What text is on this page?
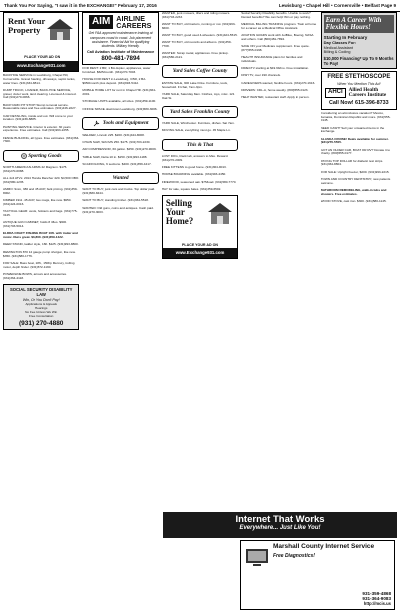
Thank You For Saying, "I saw it in the EXCHANGE!" February 17, 2016	Lewisburg • Chapel Hill • Cornersville • Belfast Page 9
Rent Your Property
PLACE YOUR AD ON
www.Exchange931.com

BACKHOE SERVICE in Lewisburg, Chapel Hill, Cornersville. Gravel hauling, driveways, septic tanks, water lines. (931)334-8814.

DUMP TRUCK, LOADER, BACK-HOE SERVICE, gravel, dozer work, land clearing. Licensed & insured. Call (931)270-0066.

BACKYARD PIT STOP! Stump removal service. Reasonable rates and free estimates. (931)446-2227.

CAR DETAILING, inside and out. Will come to your location. (931)239-8885.

PAINTING SERVICE. Interior & exterior. 30 years experience. Free estimates. Call (931)993-2255.

FENCE BUILDING, all types. Free estimates. (931)364-7300.

Sporting Goods

NORTH AMERICAN ARMS 22 Magnum. $175. (931)270-0088.

ALL 4x4 ATVs: 2014 Honda Rancher 420. $4,500 OBO. (931)580-1235.

AMMO: 9mm, 380 and 45 ACP, bulk pricing. (931)359-8002.

KIMBER 1911 .45 ACP, two mags, like new. $950. (931)424-0016.

TACTICAL GEAR: vests, holsters and bags. (931)775-3125.

ANTIQUE GUN CABINET, holds 8 rifles. $300. (931)703-5014.

ELDRA CRAFT FISHING BOAT 16ft. with trailer and motor. Runs great. $3,800. (931)359-1422.

DEER STAND, ladder style, 16ft. $125. (931)993-8800.

REMINGTON 870 12 gauge pump shotgun, like new. $350. (931)580-1776.

FOR SALE: Bass boat, 18ft., 150hp Mercury, trolling motor, depth finder. (931)572-1190.

POWERLINE BOWS, arrows and accessories. (931)364-4118.

SOCIAL SECURITY DISABILITY LAW
Win, Or You Don't Pay!
Applications & Appeals
Hearings
No Fee Unless We Win
Free Consultation
(931) 270-4880
AIM AIRLINE CAREERS
Get FAA approved maintenance training at campuses coast to coast. Job placement assistance. Financial Aid for qualifying students. Military friendly.
Call Aviation Institute of Maintenance
800-481-7894

FOR RENT: 2 BR, 1 BA duplex, appliances, water furnished. $625/month. (931)270-7003.

HOUSE FOR RENT in Lewisburg, 3 BR, 2 BA. $950/month plus deposit. (931)993-5412.

MOBILE HOME LOT for rent in Chapel Hill. (931)364-2001.

STORAGE UNITS available, all sizes. (931)359-1100.

OFFICE SPACE downtown Lewisburg. (931)580-3006.

Tools and Equipment

WELDER, Lincoln 225. $200. (931)424-8008.

CHAIN SAW, Stihl MS 250. $175. (931)703-2230.

AIR COMPRESSOR, 60 gallon. $250. (931)270-9009.

TABLE SAW, Delta 10 in. $150. (931)993-1188.

SCAFFOLDING, 6 sections. $400. (931)359-4417.

Wanted

WANT TO BUY, junk cars and trucks. Top dollar paid. (931)580-8444.

WANT TO BUY, standing timber. (931)364-5518.

WANTED: Old guns, coins and antiques. Cash paid. (931)270-3003.

WANTED, junk mowers, tillers and riding mowers. (931)703-2233.

WANT TO BUY, old tractors, running or not. (931)993-6600.

WANT TO BUY, good used 4-wheelers. (931)424-5515.

WANT TO BUY, old records and albums. (931)359-7708.

WANTED: Scrap metal, appliances. Free pickup. (931)580-2121.

Yard Sales Coffee County

ESTATE SALE, 300 Lake Drive. Furniture, tools, household. Fri-Sat, 7am-3pm.

YARD SALE, Saturday 8am. Clothes, toys, misc. 121 Oak St.

Yard Sales Franklin County

YARD SALE, Winchester. Furniture, dishes. Sat 7am.

MOVING SALE, everything must go. 45 Maple Ln.

This & That

LOST DOG, black lab, answers to Max. Reward. (931)270-2009.

FREE KITTENS to good home. (931)364-9013.

HORSE BOARDING available. (931)993-4450.

FIREWOOD, seasoned oak. $75/load. (931)580-7770.

HAY for sale, square bales. (931)359-6502.

Selling
Your
Home?
PLACE YOUR AD ON
www.Exchange931.com

Social Security Disability benefits. Unable to work? Denied benefits? We can help! Win or pay nothing.

MEDICAL BILLING TRAINING program. Train at home for a career as a Medical Office Assistant.

AVIATION GRADS work with JetBlue, Boeing, NASA and others. Call (800)481-7894.

SAVE ON your Medicare supplement. Free quote. (877)555-0198.

HEALTH INSURANCE plans for families and individuals.

DIRECTV starting at $19.99/mo. Free installation.

DISH TV, over 190 channels.

CAREGIVERS wanted, flexible hours. (931)270-1616.

DRIVERS: CDL-A, home weekly. (800)555-0123.

HELP WANTED, restaurant staff. Apply in person.

Earn A Career With Flexible Hours!
Starting In February
Day Classes For:
Medical Assistant
Billing & Coding
$10,000 Financing* Up To 9 Months To Pay!
FREE STETHOSCOPE
When You Mention This Ad!
AHCI	Allied Health Careers Institute
Call Now! 615-396-8733

Considering an all-inclusive vacation? Mexico, Jamaica, Dominican Republic and more. (931)555-0145.

NEED CASH? Sell your unwanted items in the Exchange.

ALASKA CRUISE! Deals available for summer. (931)270-5505.

GOT AN OLDER CAR, BOAT OR RV? Donate it to charity. (800)555-0177.

PAYING TOP DOLLAR for diabetic test strips. (931)364-8804.

FOR SALE: Upright freezer, $200. (931)993-2215.

TOWN AND COUNTRY DENTISTRY, new patients welcome.

BATHROOM REMODELING, walk-in tubs and showers. Free estimates.

WOOD STOVE, cast iron. $300. (931)580-1145.

Internet That Works
Everywhere... Just Like You!
Marshall County Internet Service
Free Diagnostics!
931-359-4868
931-364-9083
http://mcis.us
